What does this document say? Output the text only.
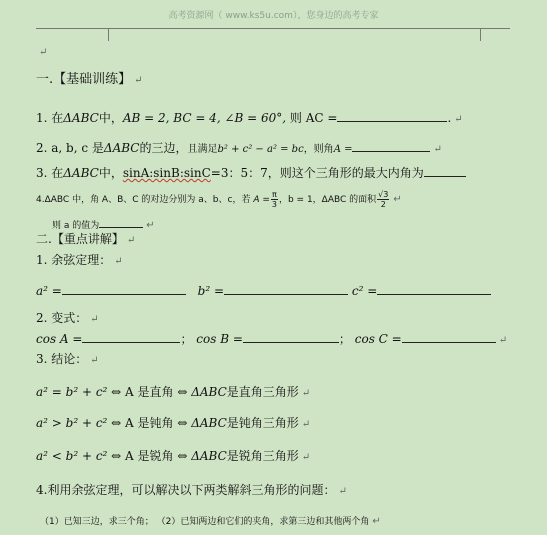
高考资源网（ www.ks5u.com），您身边的高考专家
↵
一.【基础训练】 ↵
1. 在ΔABC中，AB = 2, BC = 4, ∠B = 60°, 则 AC =	. ↵
2. a, b, c 是ΔABC的三边，且满足b² + c² − a² = bc，则角A =	↵
3. 在ΔABC中，sinA:sinB:sinC=3：5：7，则这个三角形的最大内角为
4.ΔABC 中，角 A、B、C 的对边分别为 a、b、c，若 $A = \frac{\pi}{3}$ ，b = 1，ΔABC 的面积 $\frac{√3}{2}$ ↵
则 a 的值为	↵
二.【重点讲解】 ↵
1. 余弦定理： ↵
a² =	b² =	c² =
2. 变式： ↵
cos A =	； cos B =	； cos C =	↵
3. 结论： ↵
a² = b² + c² ⇔ A 是直角 ⇔ ΔABC是直角三角形 ↵
a² > b² + c² ⇔ A 是钝角 ⇔ ΔABC是钝角三角形 ↵
a² < b² + c² ⇔ A 是锐角 ⇔ ΔABC是锐角三角形 ↵
4.利用余弦定理，可以解决以下两类解斜三角形的问题： ↵
（1）已知三边，求三个角； （2）已知两边和它们的夹角，求第三边和其他两个角 ↵
